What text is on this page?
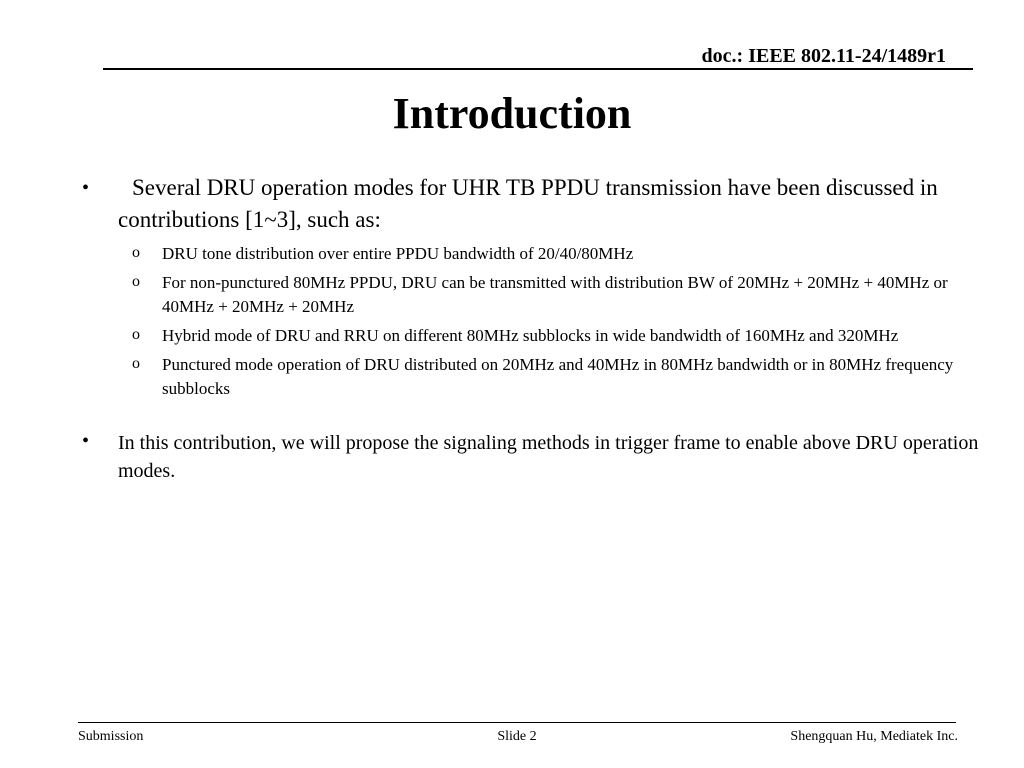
doc.: IEEE 802.11-24/1489r1
Introduction
•	Several DRU operation modes for UHR TB PPDU transmission have been discussed in contributions [1~3], such as:
o DRU tone distribution over entire PPDU bandwidth of 20/40/80MHz
o For non-punctured 80MHz PPDU, DRU can be transmitted with distribution BW of 20MHz + 20MHz + 40MHz or 40MHz + 20MHz + 20MHz
o Hybrid mode of DRU and RRU on different 80MHz subblocks in wide bandwidth of 160MHz and 320MHz
o Punctured mode operation of DRU distributed on 20MHz and 40MHz in 80MHz bandwidth or in 80MHz frequency subblocks
• In this contribution, we will propose the signaling methods in trigger frame to enable above DRU operation modes.
Submission	Slide 2	Shengquan Hu, Mediatek Inc.
